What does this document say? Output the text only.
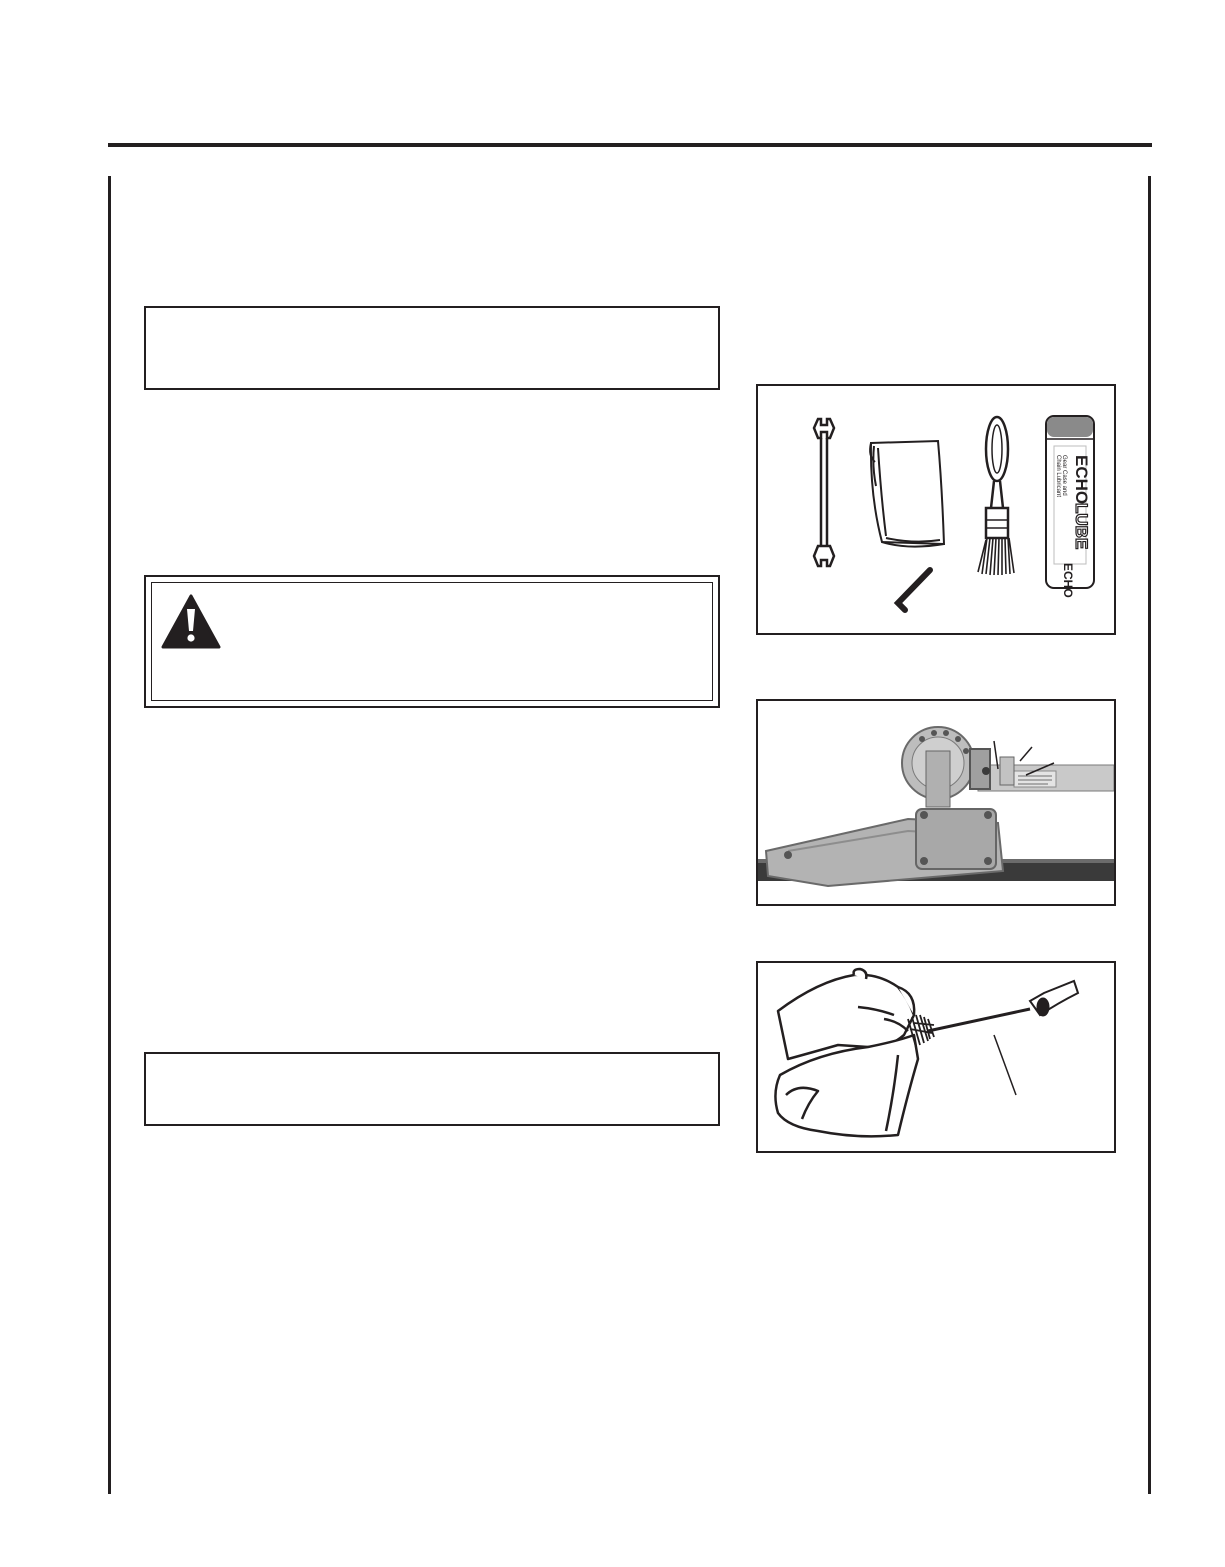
ECHO
LUBE
Gear Case and
Chain Lubricant
ECHO
